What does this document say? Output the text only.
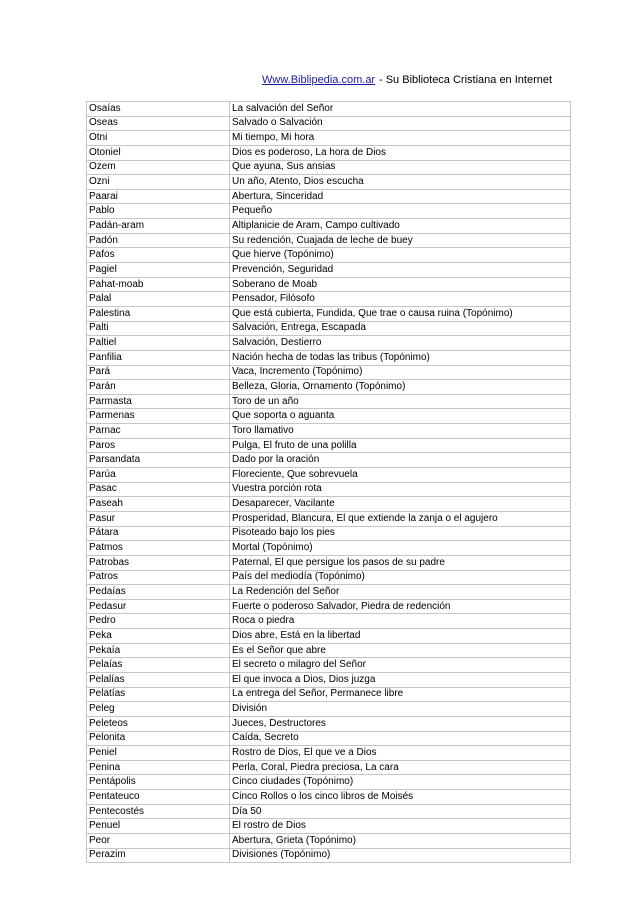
Www.Biblipedia.com.ar - Su Biblioteca Cristiana en Internet
Osaías	La salvación del Señor
Oseas	Salvado o Salvación
Otni	Mi tiempo, Mi hora
Otoniel	Dios es poderoso, La hora de Dios
Ozem	Que ayuna, Sus ansias
Ozni	Un año, Atento, Dios escucha
Paarai	Abertura, Sinceridad
Pablo	Pequeño
Padán-aram	Altiplanicie de Aram, Campo cultivado
Padón	Su redención, Cuajada de leche de buey
Pafos	Que hierve (Topónimo)
Pagiel	Prevención, Seguridad
Pahat-moab	Soberano de Moab
Palal	Pensador, Filósofo
Palestina	Que está cubierta, Fundida, Que trae o causa ruina (Topónimo)
Palti	Salvación, Entrega, Escapada
Paltiel	Salvación, Destierro
Panfilia	Nación hecha de todas las tribus (Topónimo)
Pará	Vaca, Incremento (Topónimo)
Parán	Belleza, Gloria, Ornamento (Topónimo)
Parmasta	Toro de un año
Parmenas	Que soporta o aguanta
Parnac	Toro llamativo
Paros	Pulga, El fruto de una polilla
Parsandata	Dado por la oración
Parúa	Floreciente, Que sobrevuela
Pasac	Vuestra porción rota
Paseah	Desaparecer, Vacilante
Pasur	Prosperidad, Blancura, El que extiende la zanja o el agujero
Pátara	Pisoteado bajo los pies
Patmos	Mortal (Topónimo)
Patrobas	Paternal, El que persigue los pasos de su padre
Patros	País del mediodía (Topónimo)
Pedaías	La Redención del Señor
Pedasur	Fuerte o poderoso Salvador, Piedra de redención
Pedro	Roca o piedra
Peka	Dios abre, Está en la libertad
Pekaía	Es el Señor que abre
Pelaías	El secreto o milagro del Señor
Pelalías	El que invoca a Dios, Dios juzga
Pelatías	La entrega del Señor, Permanece libre
Peleg	División
Peleteos	Jueces, Destructores
Pelonita	Caída, Secreto
Peniel	Rostro de Dios, El que ve a Dios
Penina	Perla, Coral, Piedra preciosa, La cara
Pentápolis	Cinco ciudades (Topónimo)
Pentateuco	Cinco Rollos o los cinco libros de Moisés
Pentecostés	Día 50
Penuel	El rostro de Dios
Peor	Abertura, Grieta (Topónimo)
Perazim	Divisiones (Topónimo)
